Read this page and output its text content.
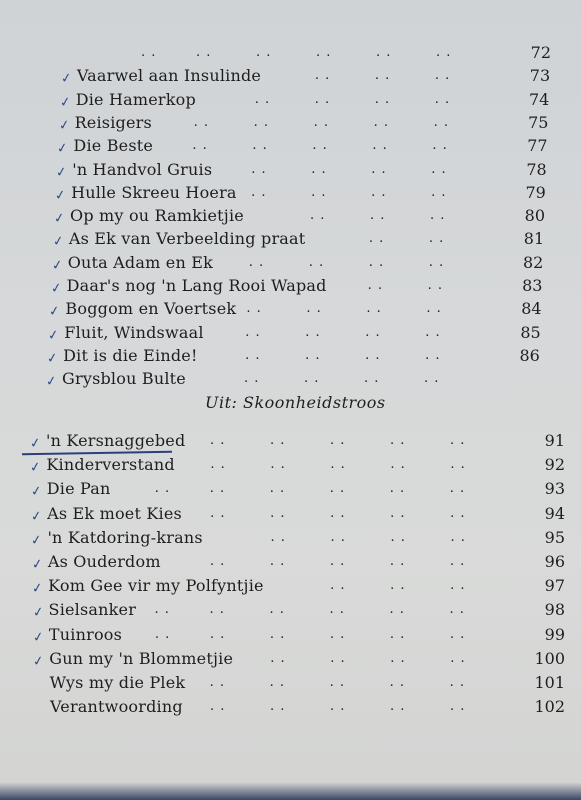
72
. .	. .	. .	. .	. .	. .
✓ Vaarwel aan Insulinde	73
. .	. .	. .
✓ Die Hamerkop	74
. .	. .	. .	. .
✓ Reisigers	75
. .	. .	. .	. .	. .
✓ Die Beste	77
. .	. .	. .	. .	. .
✓ 'n Handvol Gruis	78
. .	. .	. .	. .
✓ Hulle Skreeu Hoera	79
. .	. .	. .	. .
✓ Op my ou Ramkietjie	80
. .	. .	. .
✓ As Ek van Verbeelding praat	81
. .	. .
✓ Outa Adam en Ek	82
. .	. .	. .	. .
✓ Daar's nog 'n Lang Rooi Wapad	83
. .	. .
✓ Boggom en Voertsek	84
. .	. .	. .	. .
✓ Fluit, Windswaal	85
. .	. .	. .	. .
✓ Dit is die Einde!	86
. .	. .	. .	. .
✓ Grysblou Bulte	. .	. .	. .	. .
✓ 'n Kersnaggebed	91
. .	. .	. .	. .	. .
✓ Kinderverstand	92
. .	. .	. .	. .	. .
✓ Die Pan	93
. .	. .	. .	. .	. .	. .
✓ As Ek moet Kies	94
. .	. .	. .	. .	. .
✓ 'n Katdoring-krans	95
. .	. .	. .	. .
✓ As Ouderdom	96
. .	. .	. .	. .	. .
✓ Kom Gee vir my Polfyntjie	97
. .	. .	. .
✓ Sielsanker	98
. .	. .	. .	. .	. .	. .
✓ Tuinroos	99
. .	. .	. .	. .	. .	. .
✓ Gun my 'n Blommetjie	100
. .	. .	. .	. .
Wys my die Plek	101
. .	. .	. .	. .	. .
Verantwoording	102
. .	. .	. .	. .	. .
Uit: Skoonheidstroos
